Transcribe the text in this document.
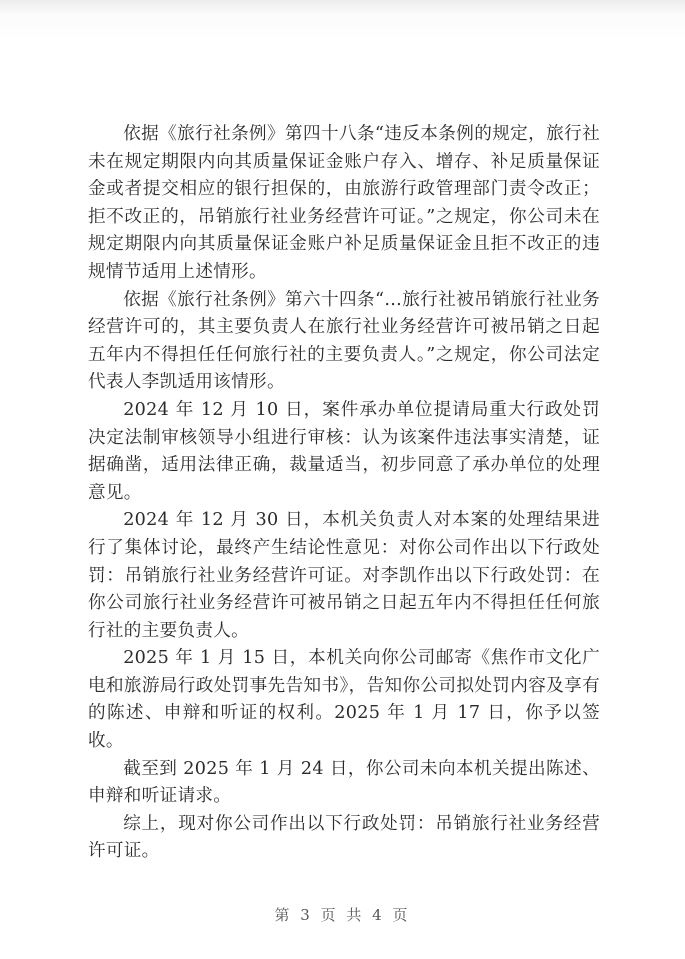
依据《旅行社条例》第四十八条“违反本条例的规定，旅行社未在规定期限内向其质量保证金账户存入、增存、补足质量保证金或者提交相应的银行担保的，由旅游行政管理部门责令改正；拒不改正的，吊销旅行社业务经营许可证。”之规定，你公司未在规定期限内向其质量保证金账户补足质量保证金且拒不改正的违规情节适用上述情形。

依据《旅行社条例》第六十四条“…旅行社被吊销旅行社业务经营许可的，其主要负责人在旅行社业务经营许可被吊销之日起五年内不得担任任何旅行社的主要负责人。”之规定，你公司法定代表人李凯适用该情形。

2024 年 12 月 10 日，案件承办单位提请局重大行政处罚决定法制审核领导小组进行审核：认为该案件违法事实清楚，证据确凿，适用法律正确，裁量适当，初步同意了承办单位的处理意见。

2024 年 12 月 30 日，本机关负责人对本案的处理结果进行了集体讨论，最终产生结论性意见：对你公司作出以下行政处罚：吊销旅行社业务经营许可证。对李凯作出以下行政处罚：在你公司旅行社业务经营许可被吊销之日起五年内不得担任任何旅行社的主要负责人。

2025 年 1 月 15 日，本机关向你公司邮寄《焦作市文化广电和旅游局行政处罚事先告知书》，告知你公司拟处罚内容及享有的陈述、申辩和听证的权利。2025 年 1 月 17 日，你予以签收。

截至到 2025 年 1 月 24 日，你公司未向本机关提出陈述、申辩和听证请求。

综上，现对你公司作出以下行政处罚：吊销旅行社业务经营许可证。

第 3 页 共 4 页
